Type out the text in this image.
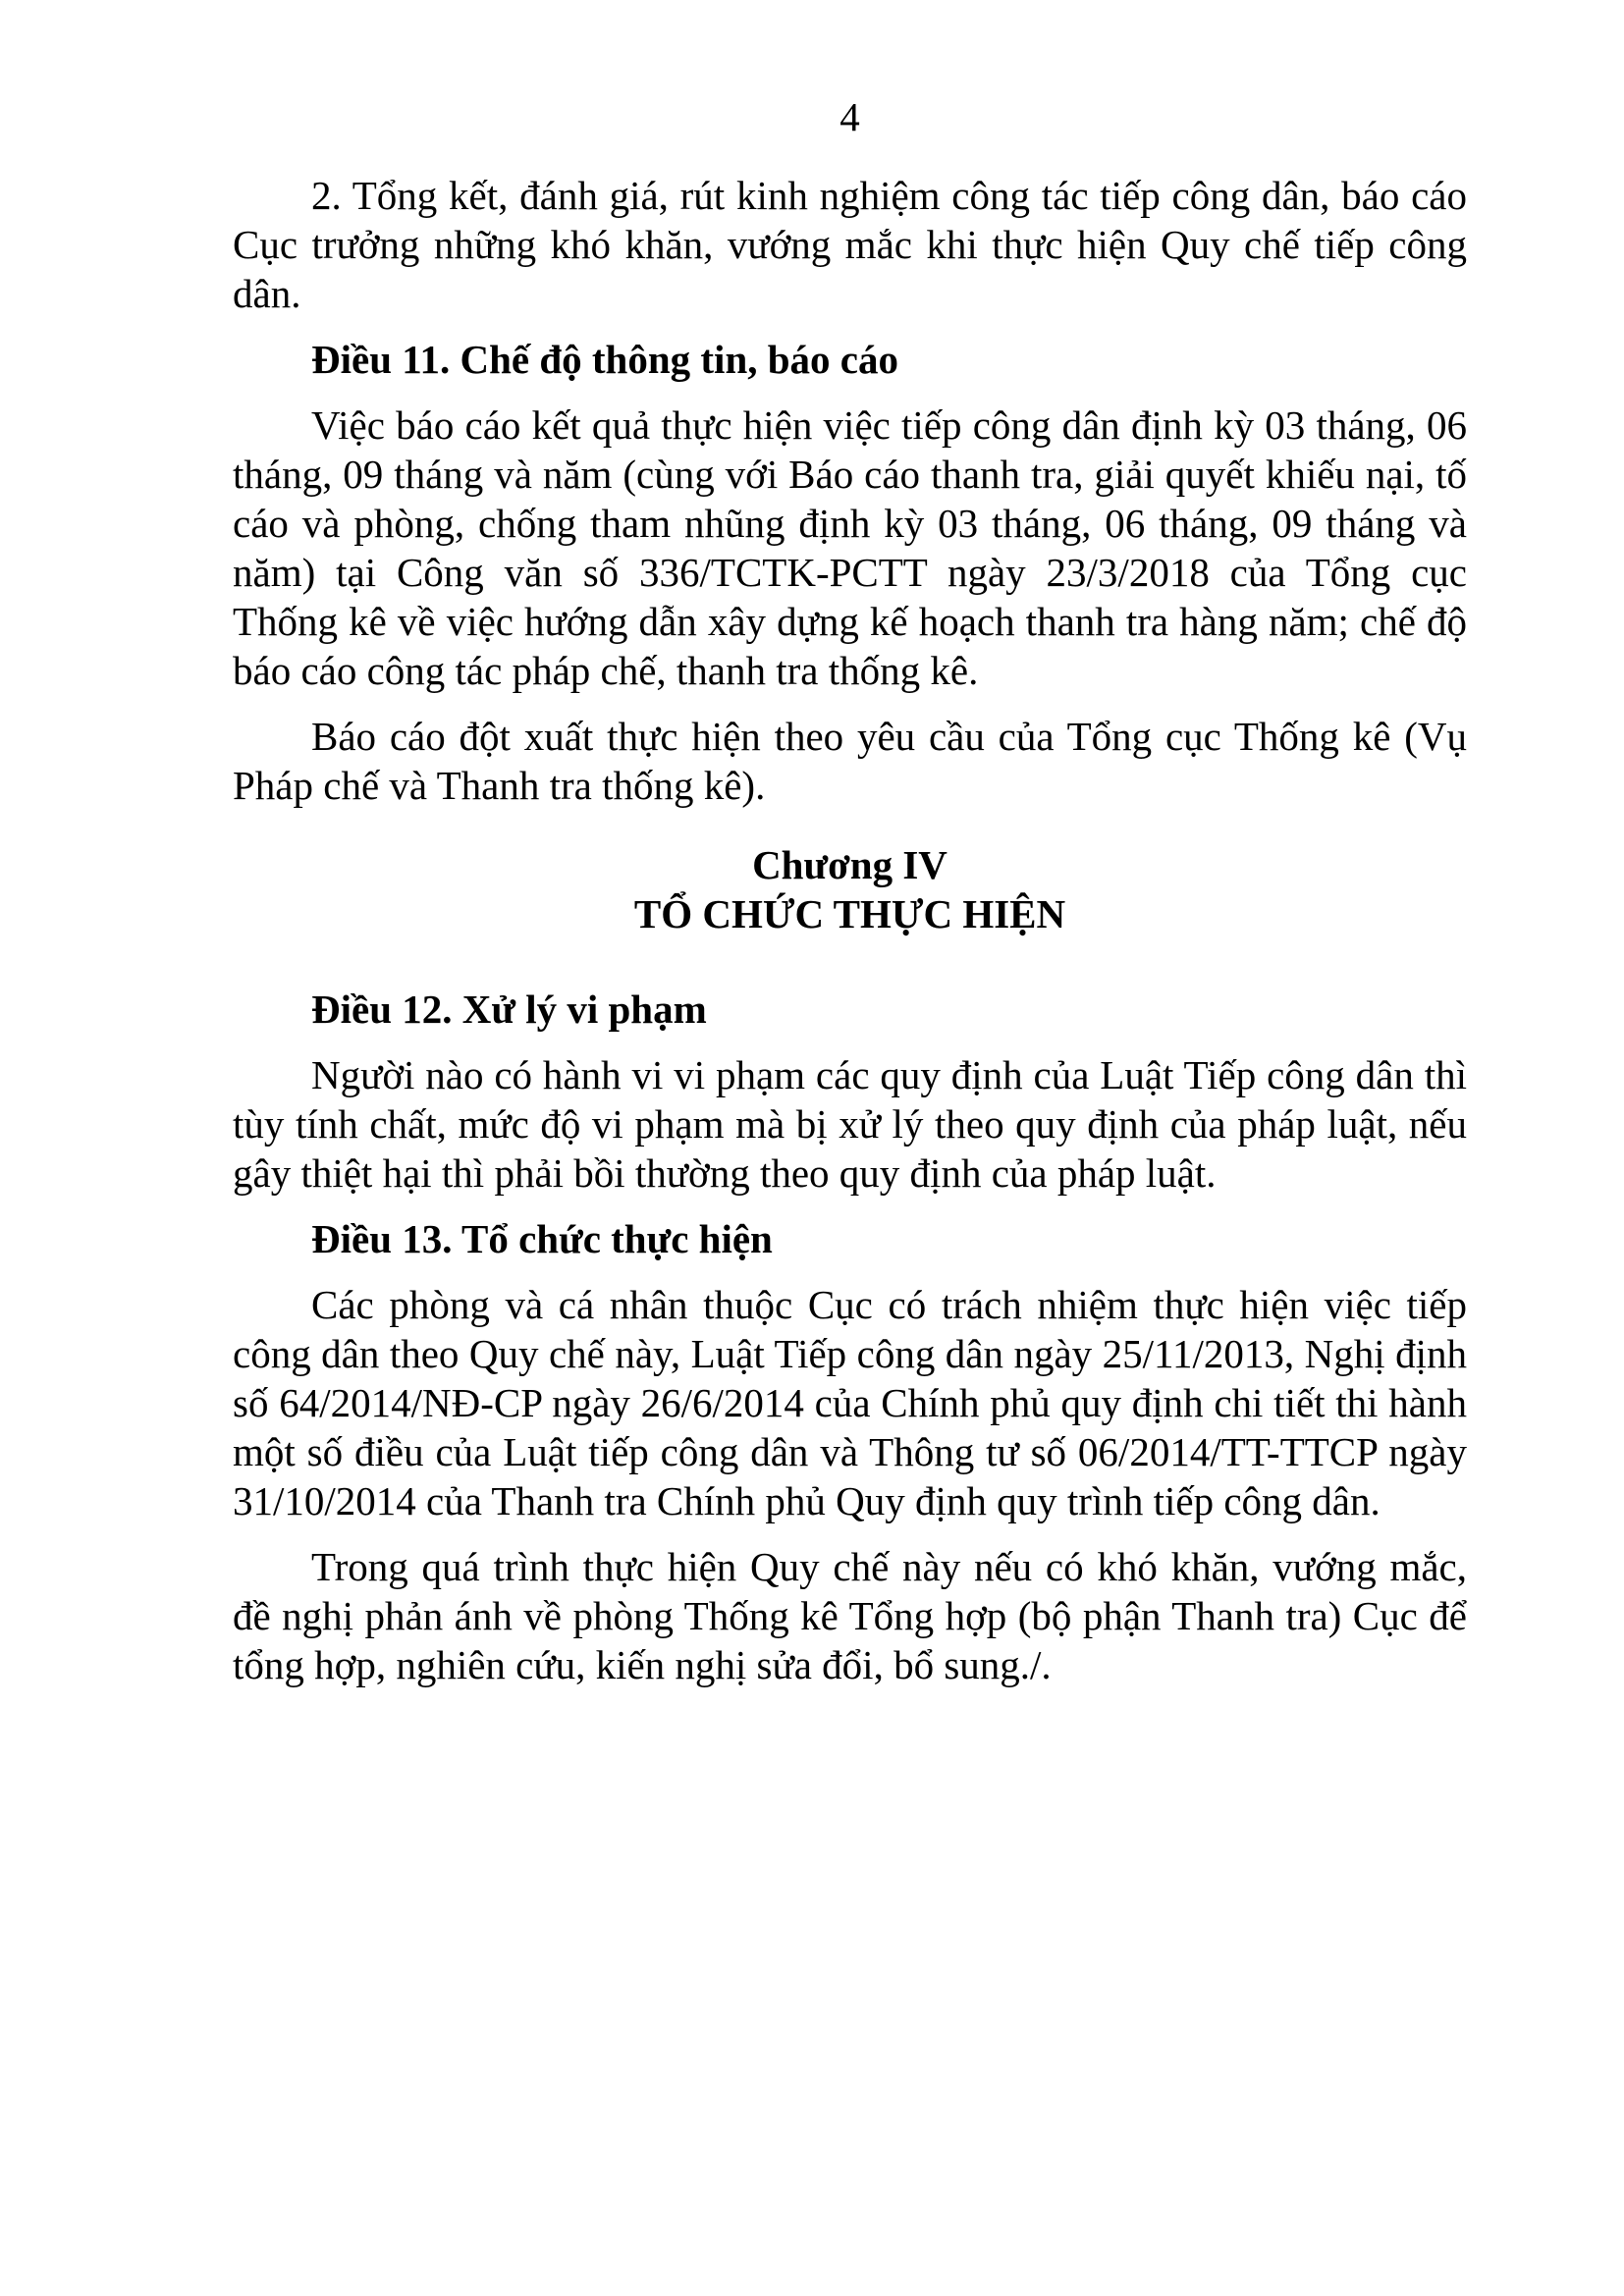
4

2. Tổng kết, đánh giá, rút kinh nghiệm công tác tiếp công dân, báo cáo Cục trưởng những khó khăn, vướng mắc khi thực hiện Quy chế tiếp công dân.

Điều 11. Chế độ thông tin, báo cáo

Việc báo cáo kết quả thực hiện việc tiếp công dân định kỳ 03 tháng, 06 tháng, 09 tháng và năm (cùng với Báo cáo thanh tra, giải quyết khiếu nại, tố cáo và phòng, chống tham nhũng định kỳ 03 tháng, 06 tháng, 09 tháng và năm) tại Công văn số 336/TCTK-PCTT ngày 23/3/2018 của Tổng cục Thống kê về việc hướng dẫn xây dựng kế hoạch thanh tra hàng năm; chế độ báo cáo công tác pháp chế, thanh tra thống kê.

Báo cáo đột xuất thực hiện theo yêu cầu của Tổng cục Thống kê (Vụ Pháp chế và Thanh tra thống kê).

Chương IV
TỔ CHỨC THỰC HIỆN
Điều 12. Xử lý vi phạm

Người nào có hành vi vi phạm các quy định của Luật Tiếp công dân thì tùy tính chất, mức độ vi phạm mà bị xử lý theo quy định của pháp luật, nếu gây thiệt hại thì phải bồi thường theo quy định của pháp luật.

Điều 13. Tổ chức thực hiện

Các phòng và cá nhân thuộc Cục có trách nhiệm thực hiện việc tiếp công dân theo Quy chế này, Luật Tiếp công dân ngày 25/11/2013, Nghị định số 64/2014/NĐ-CP ngày 26/6/2014 của Chính phủ quy định chi tiết thi hành một số điều của Luật tiếp công dân và Thông tư số 06/2014/TT-TTCP ngày 31/10/2014 của Thanh tra Chính phủ Quy định quy trình tiếp công dân.

Trong quá trình thực hiện Quy chế này nếu có khó khăn, vướng mắc, đề nghị phản ánh về phòng Thống kê Tổng hợp (bộ phận Thanh tra) Cục để tổng hợp, nghiên cứu, kiến nghị sửa đổi, bổ sung./.
